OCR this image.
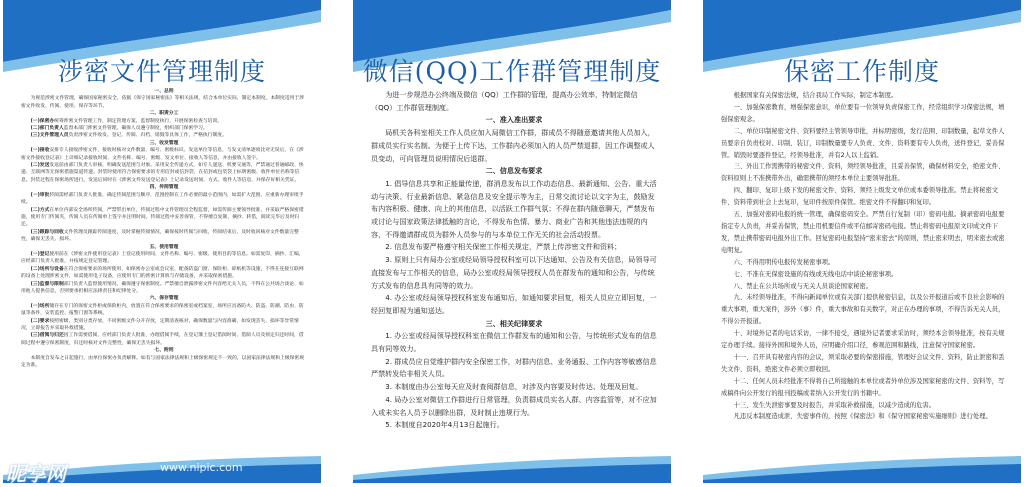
涉密文件管理制度
一、总则
为规范涉密文件管理，确保国家秘密安全，依据《保守国家秘密法》等相关法规，结合本单位实际，制定本制度。本制度适用于涉密文件收发、传阅、使用、保存等环节。
二、职责分工
(一)保密办统筹涉密文件管理工作，制定管理方案，监督制度执行，开展保密检查与培训。
(二)部门负责人监督本部门涉密文件管理，确保人员遵守制度，组织部门保密学习。
(三)文件管理人员负责涉密文件收发、登记、传阅、归档、销毁等具体工作，严格执行制度。
三、收发管理
(一)接收安排专人接收涉密文件，接收时核对文件数量、编号、密级标识、发送单位等信息，与发文清单逐项比对无误后，在《涉密文件接收登记表》上详细记录接收时间、文件名称、编号、密级、发文单位、接收人等信息，并由接收人签字。
(二)发送发送前由部门负责人审核，明确发送范围与对象。采用安全传递方式，如专人递送、机要交通等，严禁通过普通邮政、快递、互联网等无保密措施渠道传递。封装时使用符合保密要求的专用信封或信封袋，在信封或包装袋上标明密级、收件单位名称等信息，封装过程在保密场所进行。发送后同时在《涉密文件发送登记表》上记录发送时间、方式、收件人等信息，并保存好相关凭证。
四、传阅管理
(一)审批传阅需经部门负责人批准，确定传阅范围与顺序，范围控制在工作必要的最小范围内，如需扩大范围，应重新办理审批手续。
(二)方式在单位内部安全场所传阅，严禁带出单位，传阅过程中文件管理员全程监督，如需传阅主要领导批准，并采取严格保密措施，使用专门传阅夹，传阅人员在传阅单上签字并注明时间，传阅过程中妥善保管，不得擅自复制、摘抄、转借，阅读完毕后及时归还。
(三)跟踪与回收文件管理员跟踪传阅进度，及时掌握传阅情况，确保按时传阅与回收，传阅结束后，及时收回核对文件数量完整性，确保无丢失、损坏。
五、使用管理
(一)登记使用前在《涉密文件使用登记表》上登记使用时间、文件名称、编号、密级、使用目的等信息。如需复印、摘抄、汇编，应经部门负责人批准，并按规定登记管理。
(二)场所与设备在符合保密要求的场所使用，如保密办公室或会议室，配备防盗门窗、保险柜、碎纸机等设施，不得在连接互联网的设备上处理涉密文件，如需使用电子设备，应使用专门的涉密计算机与存储设备，并采取保密措施。
(三)监督与限制部门负责人监督使用情况，确保遵守保密制度。严禁擅自泄露涉密文件内容给无关人员，不得在公共场合谈论、如用他人提供信息，否则要承担相应法律责任和纪律处分。
六、保存管理
(一)场所储存在专门的保密文件柜或保险柜内，放置在符合保密要求的保密室或档案室，场所应具备防火、防盗、防潮、防虫、防鼠等条件，安装监控、报警门窗等系统。
(二)要求按照密级、类别分类存放，不同密级文件分开存放，定期清查核对，确保数量与内容准确，如发现丢失、损坏等异常情况，立即报告并采取补救措施。
(三)借阅与归还因工作需要借阅，应经部门负责人批准，办理借阅手续，在登记簿上登记借阅时间、借阅人员及预定归还时间，借阅过程中遵守保密制度，归还时核对文件完整性，确保无丢失损坏。
七、附则
本制度自发布之日起施行，由单位保密办负责解释。如有与国家法律法规和上级保密规定不一致的，以国家法律法规和上级保密规定为准。
微信(QQ)工作群管理制度
为进一步规范办公终端及微信（QQ）工作群的管理，提高办公效率，特制定微信（QQ）工作群管理制度。
一、准入准出要求
局机关各科室相关工作人员应加入局微信工作群，群成员不得随意邀请其他人员加入，群成员实行实名制。为便于上传下达，工作群内必须加入的人员严禁退群，因工作调整或人员变动，可向管理员说明情况后退群。
二、信息发布要求
1. 倡导信息共享和正能量传递，群消息发布以工作动态信息、最新通知、公告、重大活动与决策、行业最新信息、紧急信息及安全提示等为主，日常交流讨论以文字为主，鼓励发布内容积极、健康、向上的其他信息，以活跃工作群气氛；不得在群内随意聊天，严禁发布或讨论与国家政策法律抵触的言论，不得发布色情、暴力、商业广告和其他违法违规的内容，不得邀请群成员为群外人员参与的与本单位工作无关的社会活动投票。
2. 信息发布要严格遵守相关保密工作相关规定，严禁上传涉密文件和资料；
3. 原则上只有局办公室或经局领导授权科室可以下达通知、公告及有关信息，局领导可直接发布与工作相关的信息，局办公室或经局领导授权人员在群发布的通知和公告，与传统方式发布的信息具有同等的效力。
4. 办公室或经局领导授权科室发布通知后，如通知要求回复，相关人员应立即回复，一经回复即视为通知送达。
三、相关纪律要求
1. 办公室或经局领导授权科室在微信工作群发布的通知和公告，与传统形式发布的信息具有同等效力。
2. 群成员应自觉维护群内安全保密工作，对群内信息、业务通报、工作内容等敏感信息严禁转发给非相关人员。
3. 本制度由办公室每天应及时查阅群信息，对涉及内容要及时传达、处理及回复。
4. 局办公室对微信工作群进行日常管理，负责群成员实名人群、内容监管等，对不应加入或未实名人员予以删除出群，及时制止违规行为。
5. 本制度自2020年4月13日起施行。
保密工作制度
根据国家有关保密法规，结合我局工作实际，制定本制度。
一、加强保密教育，增强保密意识，单位要有一位领导负责保密工作，经常组织学习保密法规，增强保密观念。
二、单位印制秘密文件、资料要经主管领导审批，并标明密级，发行范围、印制数量，起草文件人员要亲自负责校对、印制、装订，印制数量要专人负责、文件、资料要有专人负责，送件登记，妥善保管。销毁时要逐件登记，经领导批准，并有2人以上监销。
三、外出工作需携带的秘密文件、资料，须经领导批准，且妥善保管，确保材料安全，绝密文件、资料原则上不准携带外出，确需携带的须经本单位主要领导批准。
四、翻印、复印上级下发的秘密文件、资料、须经上级发文单位或本委领导批准。禁止将秘密文件、资料带到社会上去复印，复印件按原件保管。绝密文件不得翻印和复印。
五、加强对密码电报的统一管理，确保密码安全。严禁自行复制（印）密码电报。摘录密码电报要指定专人负责，并妥善保管，禁止用机要信件或平信邮寄密码电报。禁止将密码电报原文印成文件下发，禁止携带密码电报外出工作。回复密码电报坚持“密来密去”的原则，禁止密来明去，明来密去或密电明复。
六、不得用明传电报传发秘密事项。
七、不准在无保密设施的有线或无线电话中谈论秘密事项。
八、禁止在公共场所或与无关人员谈论国家秘密。
九、未经领导批准，不得向新闻单位或有关部门提供秘密信息，以及公开报道后或不良社会影响的重大事项，重大案件，涉外（事）件，重大事故和有关数字，对正在办理的事项，不得告诉无关人员，不得公开报道。
十、对境外记者的电话采访，一律不接受，遇境外记者要求采访时，须经本会领导批准，按有关规定办理手续。接待外国和境外人员，应明确介绍口径，参观范围和路线，注意保守国家秘密。
十一、召开具有秘密内容的会议，须采取必要的保密措施，管理好会议文件、资料，防止泄密和丢失文件、资料，绝密文件必须立即收回。
十二、任何人员未经批准不得将自己所接触的本单位或者外单位涉及国家秘密的文件、资料等，写成稿件向公开发行的报刊投稿或者纳入公开发行的书籍中。
十三、发生失泄密事要及时报告，并采取补救措施，以减少造成的危害。
凡违反本制度造成泄、失密事件的，按照《保密法》和《保守国家秘密实施细则》进行处理。
昵享网	www.nipic.com
ID:32432866 NO:20250623085008410120
